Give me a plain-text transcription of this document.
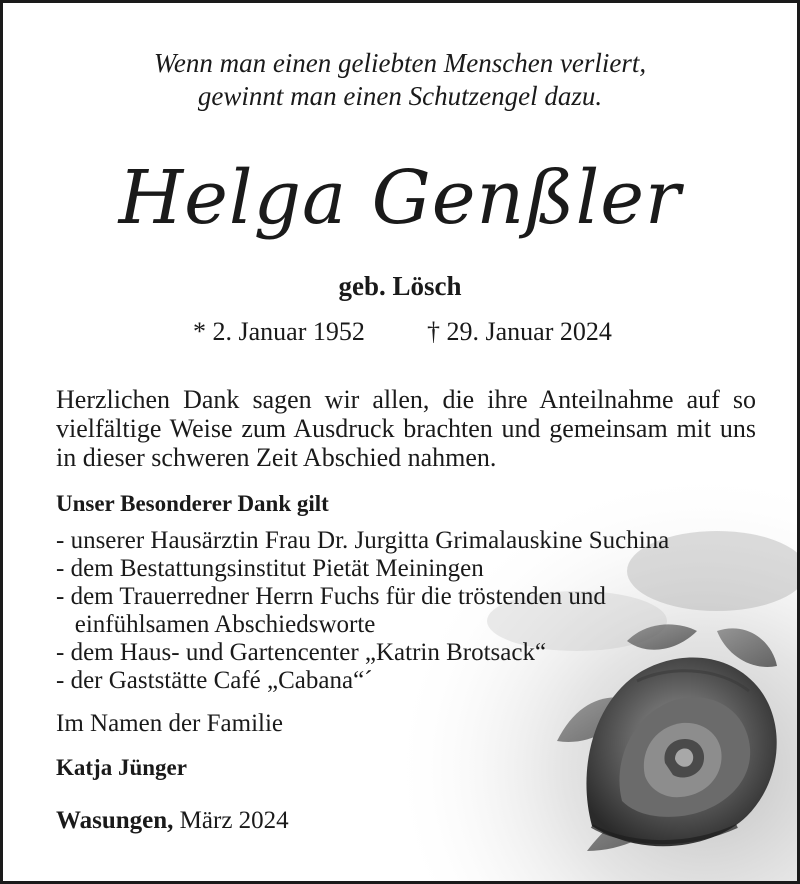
Wenn man einen geliebten Menschen verliert,
gewinnt man einen Schutzengel dazu.
Helga Genßler
geb. Lösch
* 2. Januar 1952 † 29. Januar 2024
Herzlichen Dank sagen wir allen, die ihre Anteilnahme auf so vielfältige Weise zum Ausdruck brachten und gemeinsam mit uns in dieser schweren Zeit Abschied nahmen.
Unser Besonderer Dank gilt
- unserer Hausärztin Frau Dr. Jurgitta Grimalauskine Suchina
- dem Bestattungsinstitut Pietät Meiningen
- dem Trauerredner Herrn Fuchs für die tröstenden und
einfühlsamen Abschiedsworte
- dem Haus- und Gartencenter „Katrin Brotsack“
- der Gaststätte Café „Cabana“´
Im Namen der Familie
Katja Jünger
Wasungen, März 2024
